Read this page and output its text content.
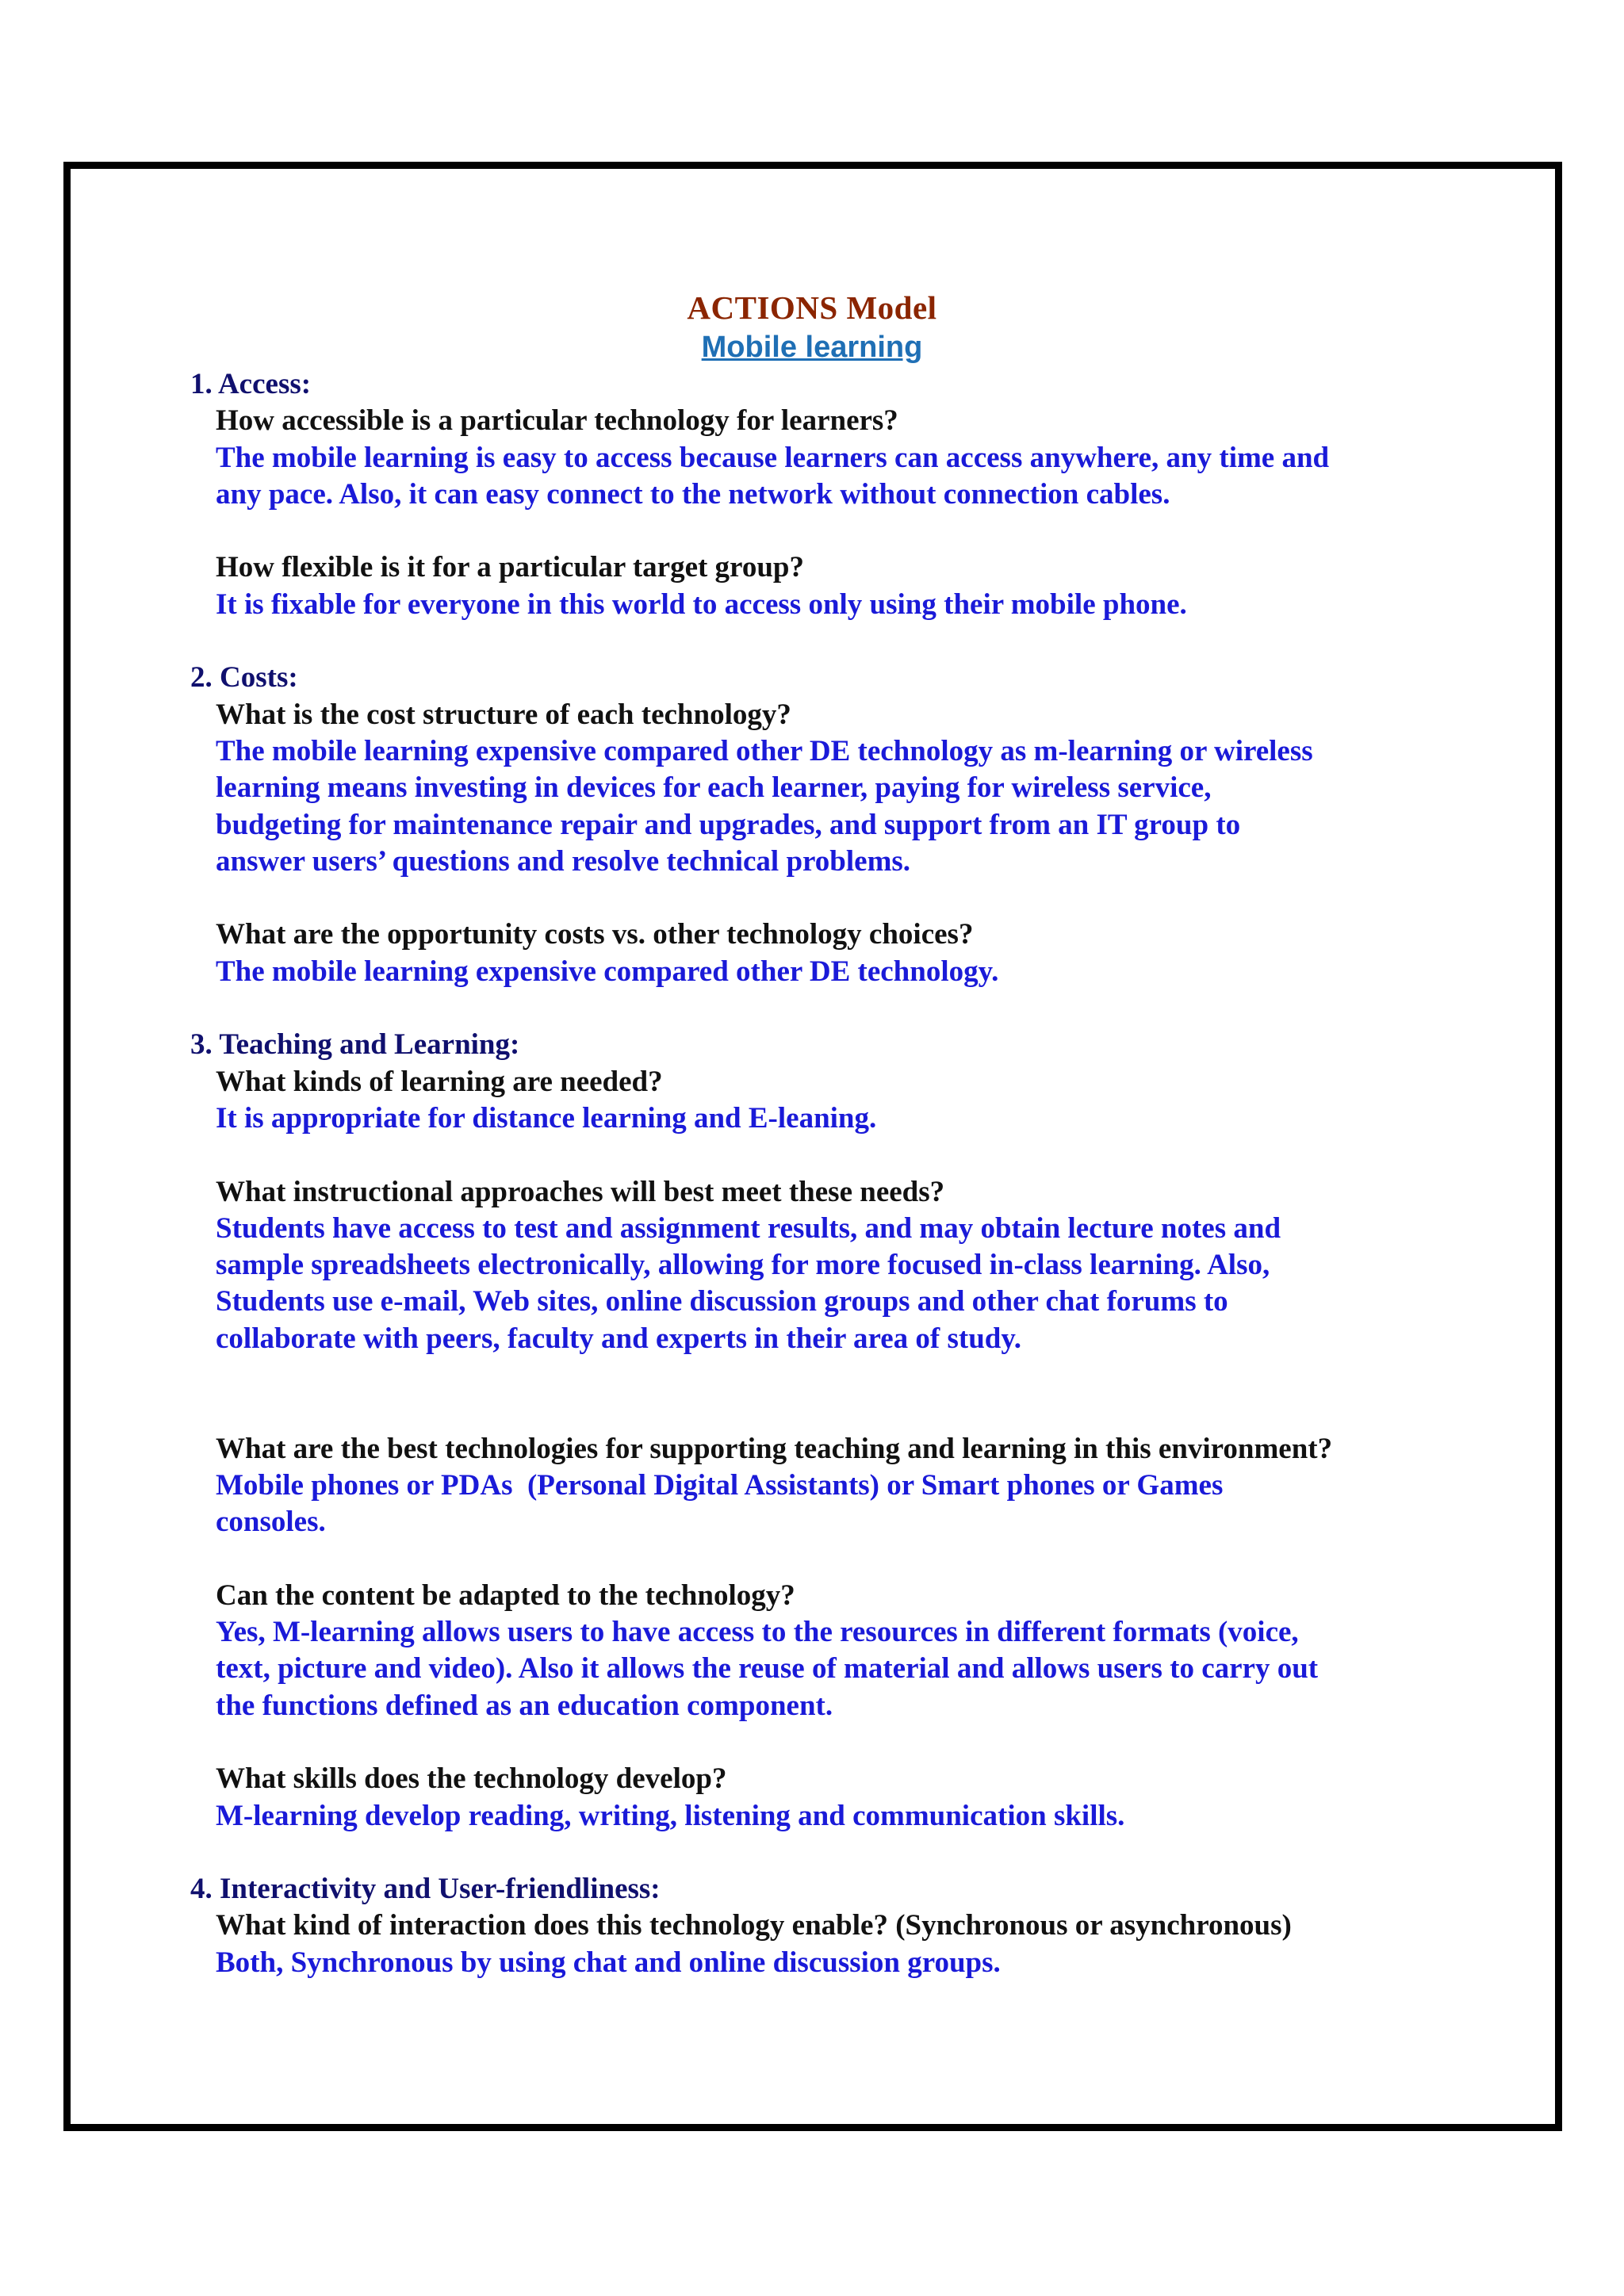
ACTIONS Model
Mobile learning
1. Access:
How accessible is a particular technology for learners?
The mobile learning is easy to access because learners can access anywhere, any time and
any pace. Also, it can easy connect to the network without connection cables.
How flexible is it for a particular target group?
It is fixable for everyone in this world to access only using their mobile phone.
2. Costs:
What is the cost structure of each technology?
The mobile learning expensive compared other DE technology as m-learning or wireless
learning means investing in devices for each learner, paying for wireless service,
budgeting for maintenance repair and upgrades, and support from an IT group to
answer users’ questions and resolve technical problems.
What are the opportunity costs vs. other technology choices?
The mobile learning expensive compared other DE technology.
3. Teaching and Learning:
What kinds of learning are needed?
It is appropriate for distance learning and E-leaning.
What instructional approaches will best meet these needs?
Students have access to test and assignment results, and may obtain lecture notes and
sample spreadsheets electronically, allowing for more focused in-class learning. Also,
Students use e-mail, Web sites, online discussion groups and other chat forums to
collaborate with peers, faculty and experts in their area of study.
What are the best technologies for supporting teaching and learning in this environment?
Mobile phones or PDAs  (Personal Digital Assistants) or Smart phones or Games
consoles.
Can the content be adapted to the technology?
Yes, M-learning allows users to have access to the resources in different formats (voice,
text, picture and video). Also it allows the reuse of material and allows users to carry out
the functions defined as an education component.
What skills does the technology develop?
M-learning develop reading, writing, listening and communication skills.
4. Interactivity and User-friendliness:
What kind of interaction does this technology enable? (Synchronous or asynchronous)
Both, Synchronous by using chat and online discussion groups.
